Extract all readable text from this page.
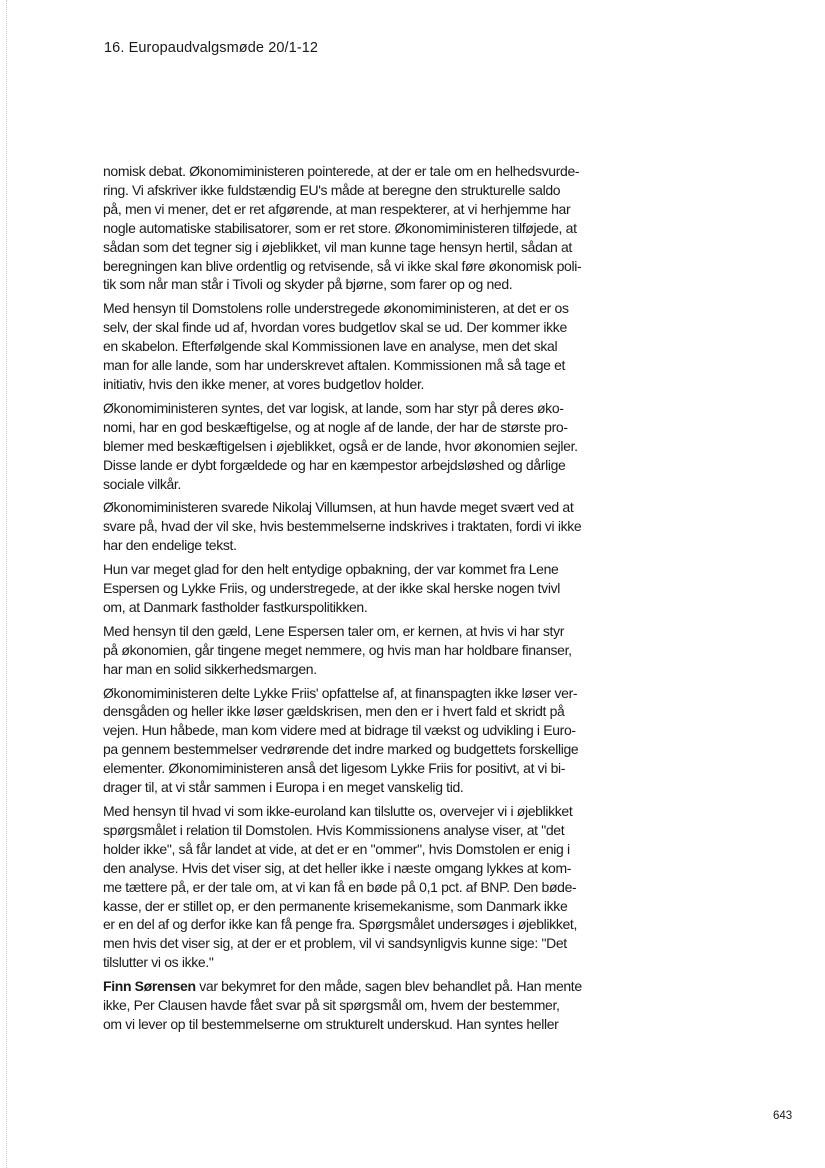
16. Europaudvalgsmøde 20/1-12
nomisk debat. Økonomiministeren pointerede, at der er tale om en helhedsvurde-
ring. Vi afskriver ikke fuldstændig EU's måde at beregne den strukturelle saldo
på, men vi mener, det er ret afgørende, at man respekterer, at vi herhjemme har
nogle automatiske stabilisatorer, som er ret store. Økonomiministeren tilføjede, at
sådan som det tegner sig i øjeblikket, vil man kunne tage hensyn hertil, sådan at
beregningen kan blive ordentlig og retvisende, så vi ikke skal føre økonomisk poli-
tik som når man står i Tivoli og skyder på bjørne, som farer op og ned.
Med hensyn til Domstolens rolle understregede økonomiministeren, at det er os
selv, der skal finde ud af, hvordan vores budgetlov skal se ud. Der kommer ikke
en skabelon. Efterfølgende skal Kommissionen lave en analyse, men det skal
man for alle lande, som har underskrevet aftalen. Kommissionen må så tage et
initiativ, hvis den ikke mener, at vores budgetlov holder.
Økonomiministeren syntes, det var logisk, at lande, som har styr på deres øko-
nomi, har en god beskæftigelse, og at nogle af de lande, der har de største pro-
blemer med beskæftigelsen i øjeblikket, også er de lande, hvor økonomien sejler.
Disse lande er dybt forgældede og har en kæmpestor arbejdsløshed og dårlige
sociale vilkår.
Økonomiministeren svarede Nikolaj Villumsen, at hun havde meget svært ved at
svare på, hvad der vil ske, hvis bestemmelserne indskrives i traktaten, fordi vi ikke
har den endelige tekst.
Hun var meget glad for den helt entydige opbakning, der var kommet fra Lene
Espersen og Lykke Friis, og understregede, at der ikke skal herske nogen tvivl
om, at Danmark fastholder fastkurspolitikken.
Med hensyn til den gæld, Lene Espersen taler om, er kernen, at hvis vi har styr
på økonomien, går tingene meget nemmere, og hvis man har holdbare finanser,
har man en solid sikkerhedsmargen.
Økonomiministeren delte Lykke Friis' opfattelse af, at finanspagten ikke løser ver-
densgåden og heller ikke løser gældskrisen, men den er i hvert fald et skridt på
vejen. Hun håbede, man kom videre med at bidrage til vækst og udvikling i Euro-
pa gennem bestemmelser vedrørende det indre marked og budgettets forskellige
elementer. Økonomiministeren anså det ligesom Lykke Friis for positivt, at vi bi-
drager til, at vi står sammen i Europa i en meget vanskelig tid.
Med hensyn til hvad vi som ikke-euroland kan tilslutte os, overvejer vi i øjeblikket
spørgsmålet i relation til Domstolen. Hvis Kommissionens analyse viser, at "det
holder ikke", så får landet at vide, at det er en "ommer", hvis Domstolen er enig i
den analyse. Hvis det viser sig, at det heller ikke i næste omgang lykkes at kom-
me tættere på, er der tale om, at vi kan få en bøde på 0,1 pct. af BNP. Den bøde-
kasse, der er stillet op, er den permanente krisemekanisme, som Danmark ikke
er en del af og derfor ikke kan få penge fra. Spørgsmålet undersøges i øjeblikket,
men hvis det viser sig, at der er et problem, vil vi sandsynligvis kunne sige: "Det
tilslutter vi os ikke."
Finn Sørensen var bekymret for den måde, sagen blev behandlet på. Han mente
ikke, Per Clausen havde fået svar på sit spørgsmål om, hvem der bestemmer,
om vi lever op til bestemmelserne om strukturelt underskud. Han syntes heller
643
